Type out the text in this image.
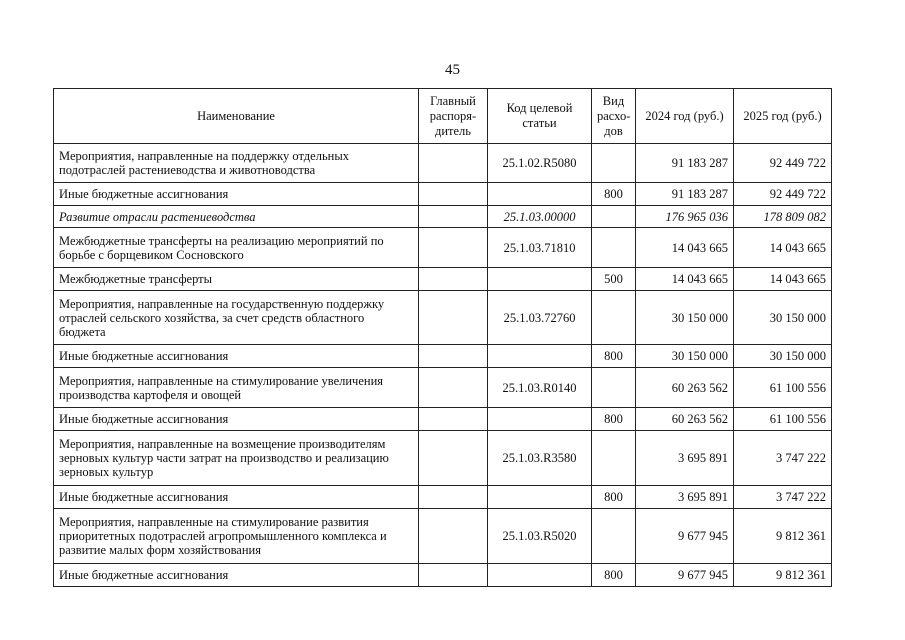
45
Наименование	Главный распоря-дитель	Код целевой статьи	Вид расхо-дов	2024 год (руб.)	2025 год (руб.)
Мероприятия, направленные на поддержку отдельных подотраслей растениеводства и животноводства		25.1.02.R5080		91 183 287	92 449 722
Иные бюджетные ассигнования			800	91 183 287	92 449 722
Развитие отрасли растениеводства		25.1.03.00000		176 965 036	178 809 082
Межбюджетные трансферты на реализацию мероприятий по борьбе с борщевиком Сосновского		25.1.03.71810		14 043 665	14 043 665
Межбюджетные трансферты			500	14 043 665	14 043 665
Мероприятия, направленные на государственную поддержку отраслей сельского хозяйства, за счет средств областного бюджета		25.1.03.72760		30 150 000	30 150 000
Иные бюджетные ассигнования			800	30 150 000	30 150 000
Мероприятия, направленные на стимулирование увеличения производства картофеля и овощей		25.1.03.R0140		60 263 562	61 100 556
Иные бюджетные ассигнования			800	60 263 562	61 100 556
Мероприятия, направленные на возмещение производителям зерновых культур части затрат на производство и реализацию зерновых культур		25.1.03.R3580		3 695 891	3 747 222
Иные бюджетные ассигнования			800	3 695 891	3 747 222
Мероприятия, направленные на стимулирование развития приоритетных подотраслей агропромышленного комплекса и развитие малых форм хозяйствования		25.1.03.R5020		9 677 945	9 812 361
Иные бюджетные ассигнования			800	9 677 945	9 812 361
